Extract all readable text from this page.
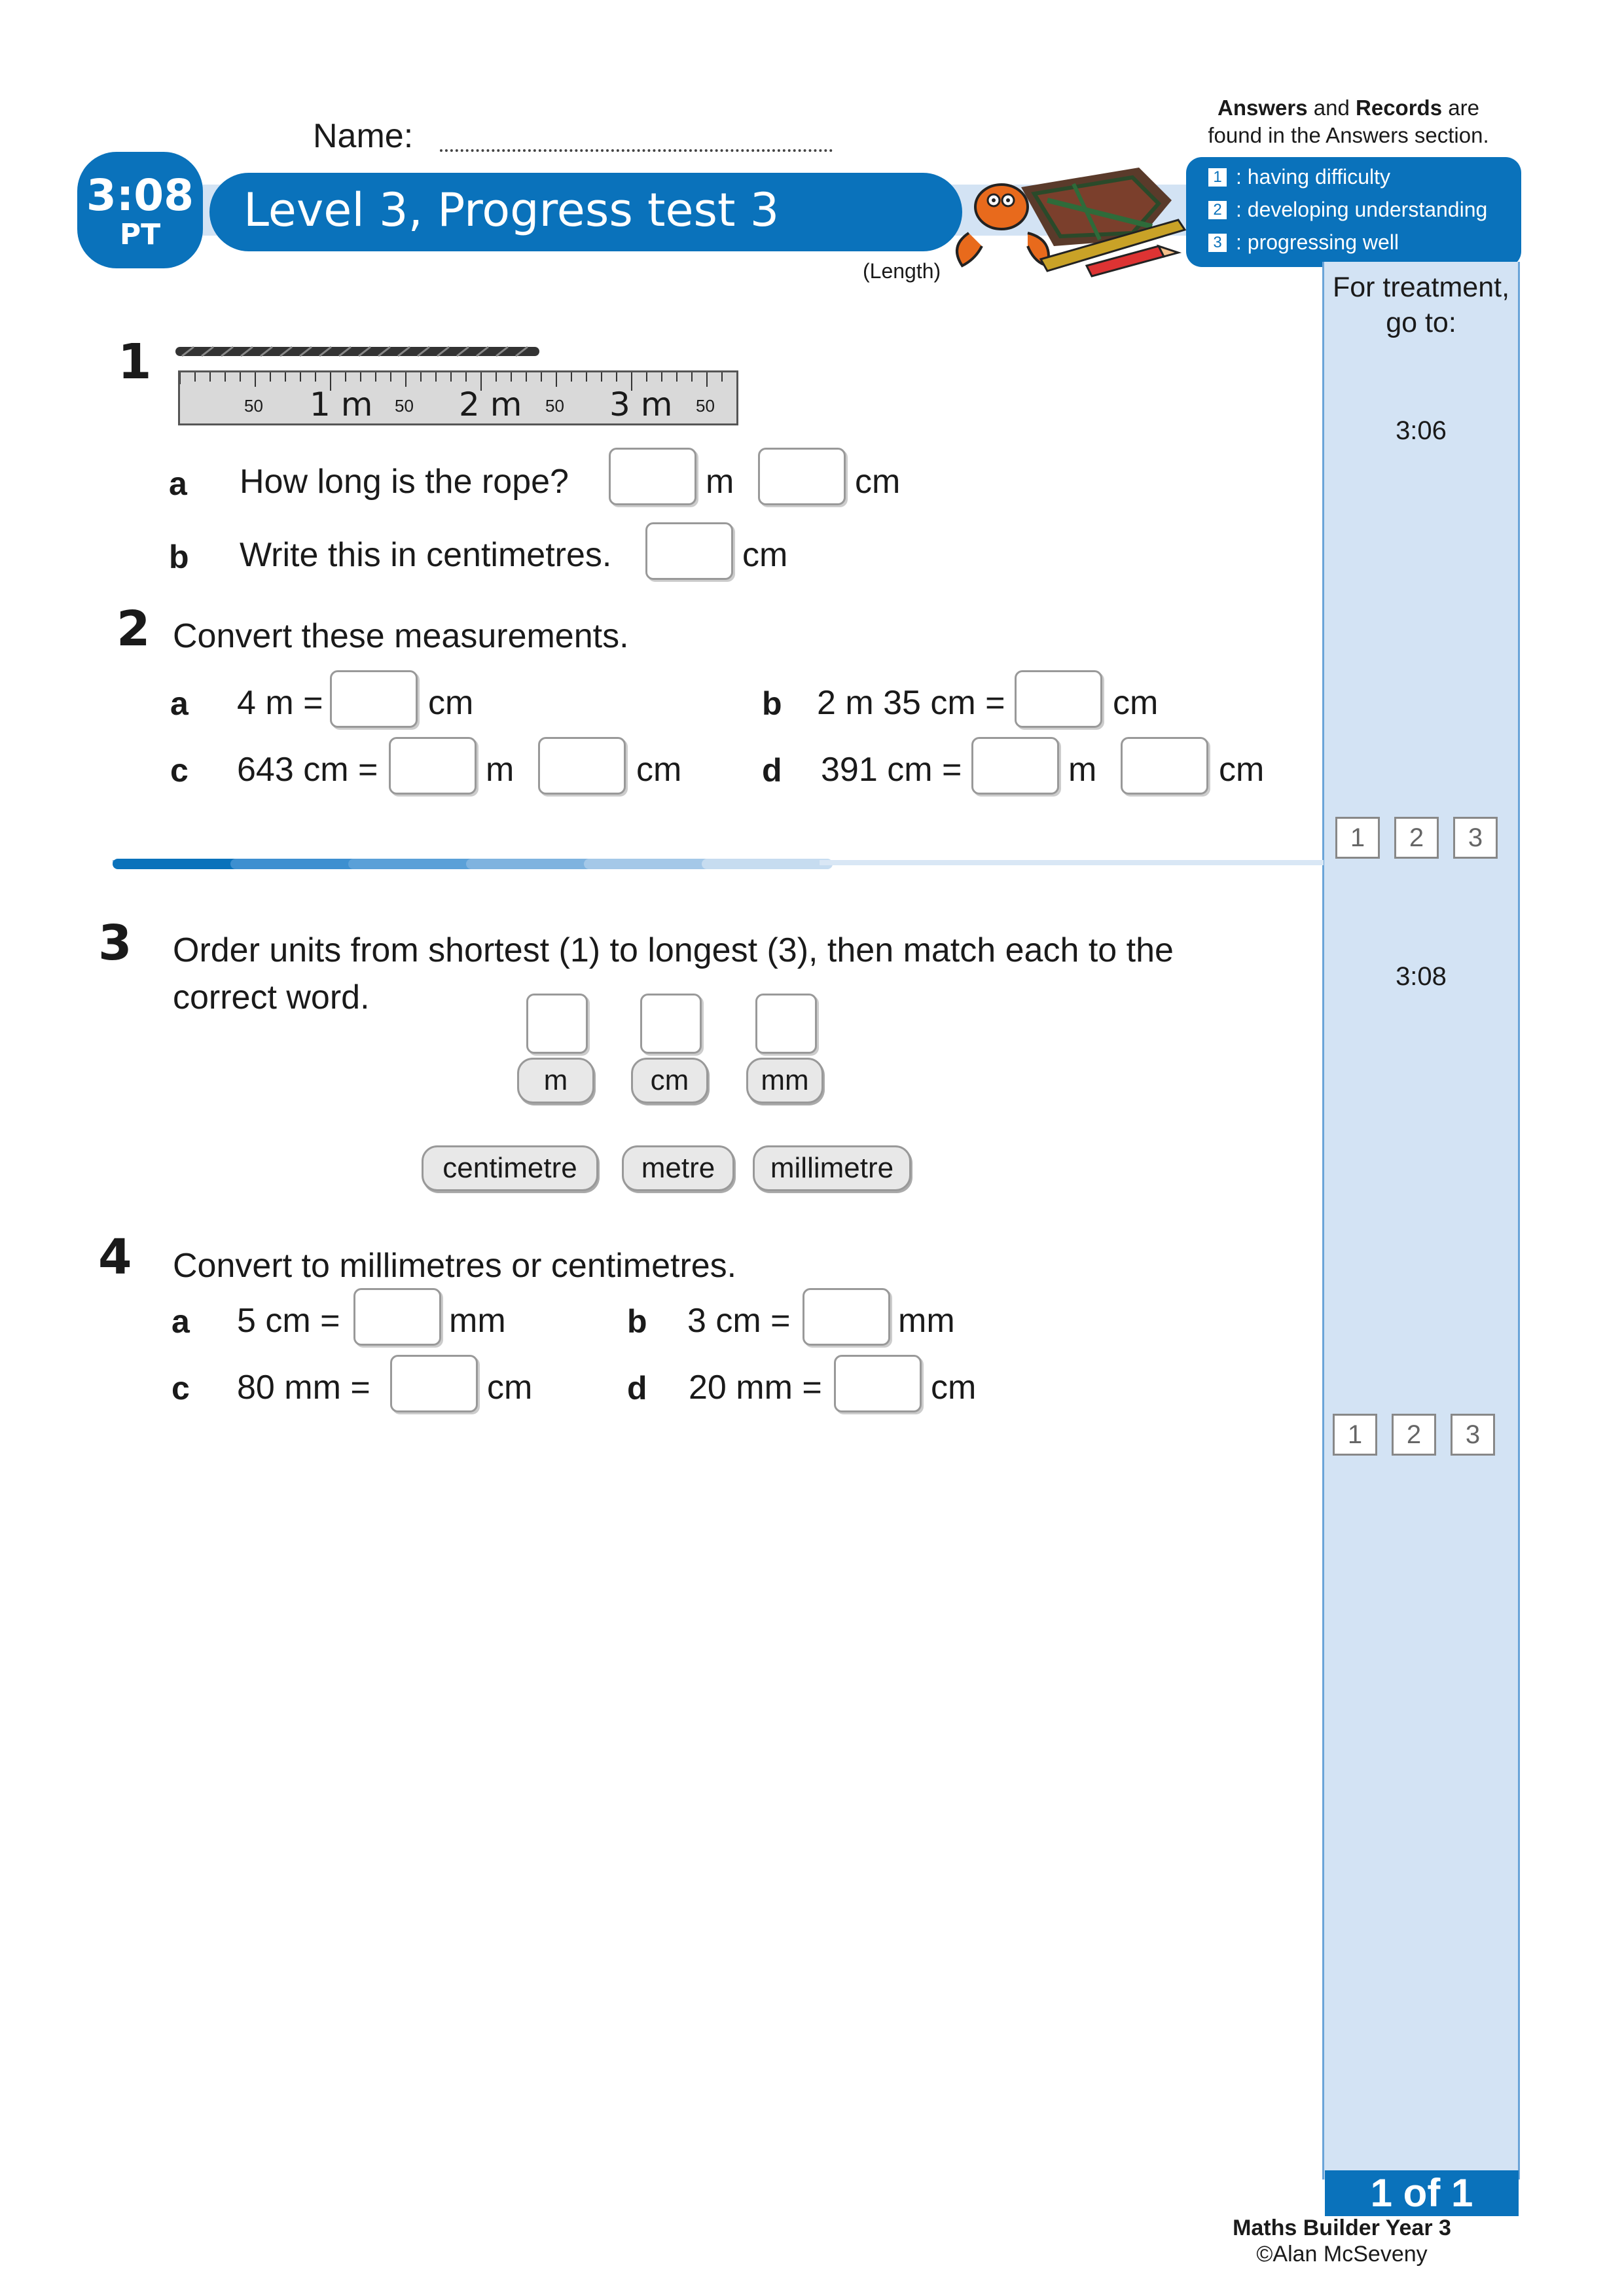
Name:
Answers and Records are
found in the Answers section.
Level 3, Progress test 3
3:08
PT
(Length)
1 : having difficulty
2 : developing understanding
3 : progressing well
For treatment,
go to:
3:06
1	2	3
3:08
1	2	3
1
50 1 m 50 2 m 50 3 m 50
a How long is the rope?	m	cm
b Write this in centimetres.	cm
2 Convert these measurements.
a 4 m =	cm	b 2 m 35 cm =	cm
c 643 cm =	m	cm d 391 cm =	m	cm
3 Order units from shortest (1) to longest (3), then match each to the
correct word.
m	cm	mm
centimetre	metre	millimetre
4 Convert to millimetres or centimetres.
a 5 cm =	mm	b 3 cm =	mm
c 80 mm =	cm	d 20 mm =	cm
1 of 1
Maths Builder Year 3
©Alan McSeveny
